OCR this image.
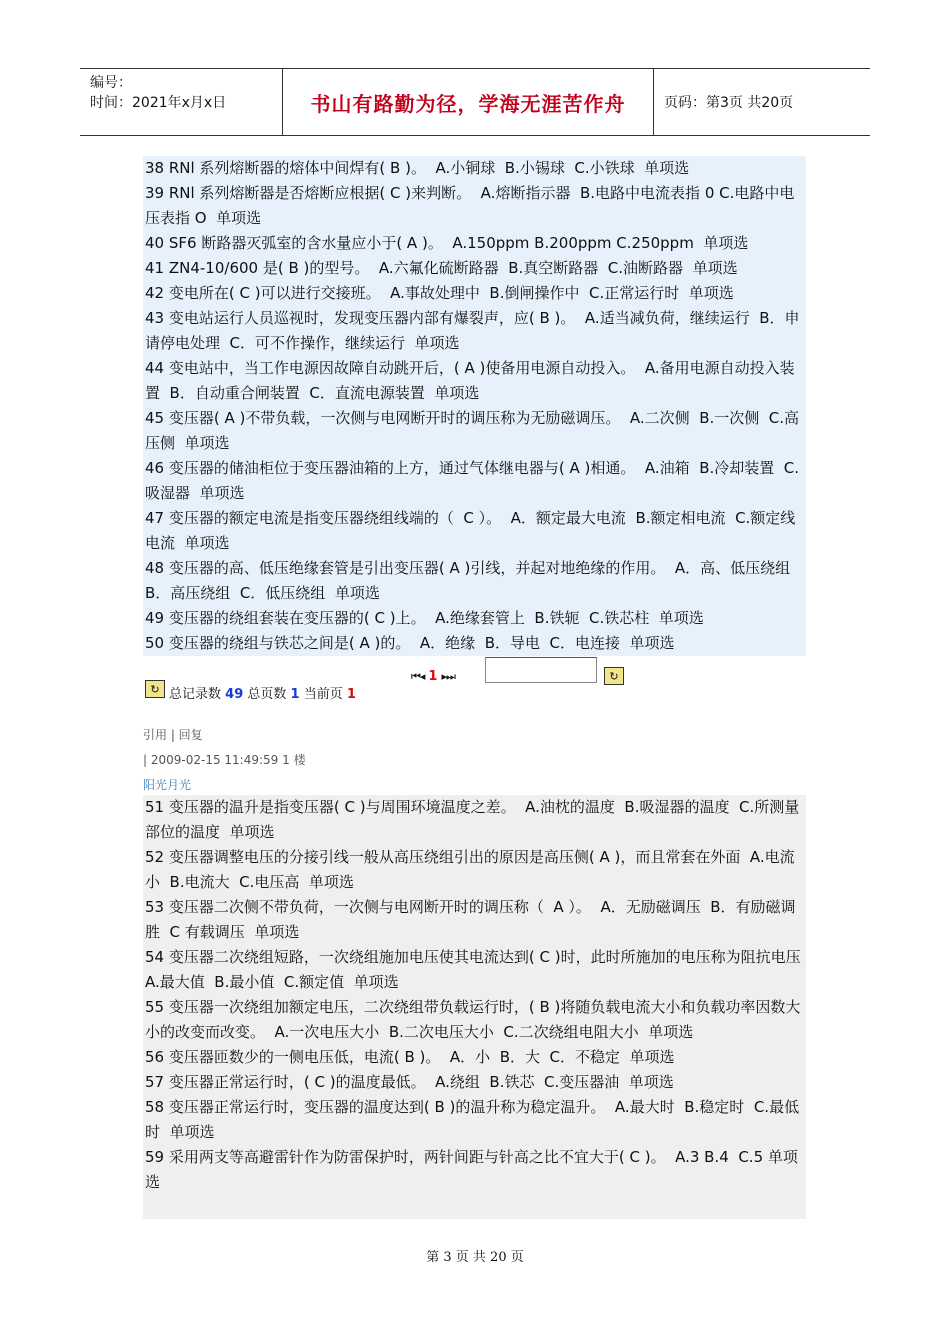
编号：
时间：2021年x月x日	书山有路勤为径，学海无涯苦作舟	页码：第3页 共20页

38 RNl 系列熔断器的熔体中间焊有( B )。  A.小铜球  B.小锡球  C.小铁球  单项选

39 RNl 系列熔断器是否熔断应根据( C )来判断。  A.熔断指示器  B.电路中电流表指 0 C.电路中电压表指 O  单项选

40 SF6 断路器灭弧室的含水量应小于( A )。  A.150ppm B.200ppm C.250ppm  单项选

41 ZN4-10/600 是( B )的型号。  A.六氟化硫断路器  B.真空断路器  C.油断路器  单项选

42 变电所在( C )可以进行交接班。  A.事故处理中  B.倒闸操作中  C.正常运行时  单项选

43 变电站运行人员巡视时，发现变压器内部有爆裂声，应( B )。  A.适当减负荷，继续运行  B．申请停电处理  C．可不作操作，继续运行  单项选

44 变电站中，当工作电源因故障自动跳开后，( A )使备用电源自动投入。  A.备用电源自动投入装置  B．自动重合闸装置  C．直流电源装置  单项选

45 变压器( A )不带负载，一次侧与电网断开时的调压称为无励磁调压。  A.二次侧  B.一次侧  C.高压侧  单项选

46 变压器的储油柜位于变压器油箱的上方，通过气体继电器与( A )相通。  A.油箱  B.冷却装置  C.吸湿器  单项选

47 变压器的额定电流是指变压器绕组线端的（  C ）。  A．额定最大电流  B.额定相电流  C.额定线电流  单项选

48 变压器的高、低压绝缘套管是引出变压器( A )引线，并起对地绝缘的作用。  A．高、低压绕组  B．高压绕组  C．低压绕组  单项选

49 变压器的绕组套装在变压器的( C )上。  A.绝缘套管上  B.铁轭  C.铁芯柱  单项选

50 变压器的绕组与铁芯之间是( A )的。  A．绝缘  B．导电  C．电连接  单项选

↻ 总记录数 49 总页数 1 当前页 1
⏮◂ 1 ▸⏭	↻
引用 | 回复
| 2009-02-15 11:49:59 1 楼
阳光月光

51 变压器的温升是指变压器( C )与周围环境温度之差。  A.油枕的温度  B.吸湿器的温度  C.所测量部位的温度  单项选

52 变压器调整电压的分接引线一般从高压绕组引出的原因是高压侧( A )，而且常套在外面  A.电流小  B.电流大  C.电压高  单项选

53 变压器二次侧不带负荷，一次侧与电网断开时的调压称（  A ）。  A．无励磁调压  B．有励磁调胜  C 有载调压  单项选

54 变压器二次绕组短路，一次绕组施加电压使其电流达到( C )时，此时所施加的电压称为阻抗电压  A.最大值  B.最小值  C.额定值  单项选

55 变压器一次绕组加额定电压，二次绕组带负载运行时，( B )将随负载电流大小和负载功率因数大小的改变而改变。  A.一次电压大小  B.二次电压大小  C.二次绕组电阻大小  单项选

56 变压器匝数少的一侧电压低，电流( B )。  A．小  B．大  C．不稳定  单项选

57 变压器正常运行时，( C )的温度最低。  A.绕组  B.铁芯  C.变压器油  单项选

58 变压器正常运行时，变压器的温度达到( B )的温升称为稳定温升。  A.最大时  B.稳定时  C.最低时  单项选

59 采用两支等高避雷针作为防雷保护时，两针间距与针高之比不宜大于( C )。  A.3 B.4  C.5 单项选

第 3 页 共 20 页
